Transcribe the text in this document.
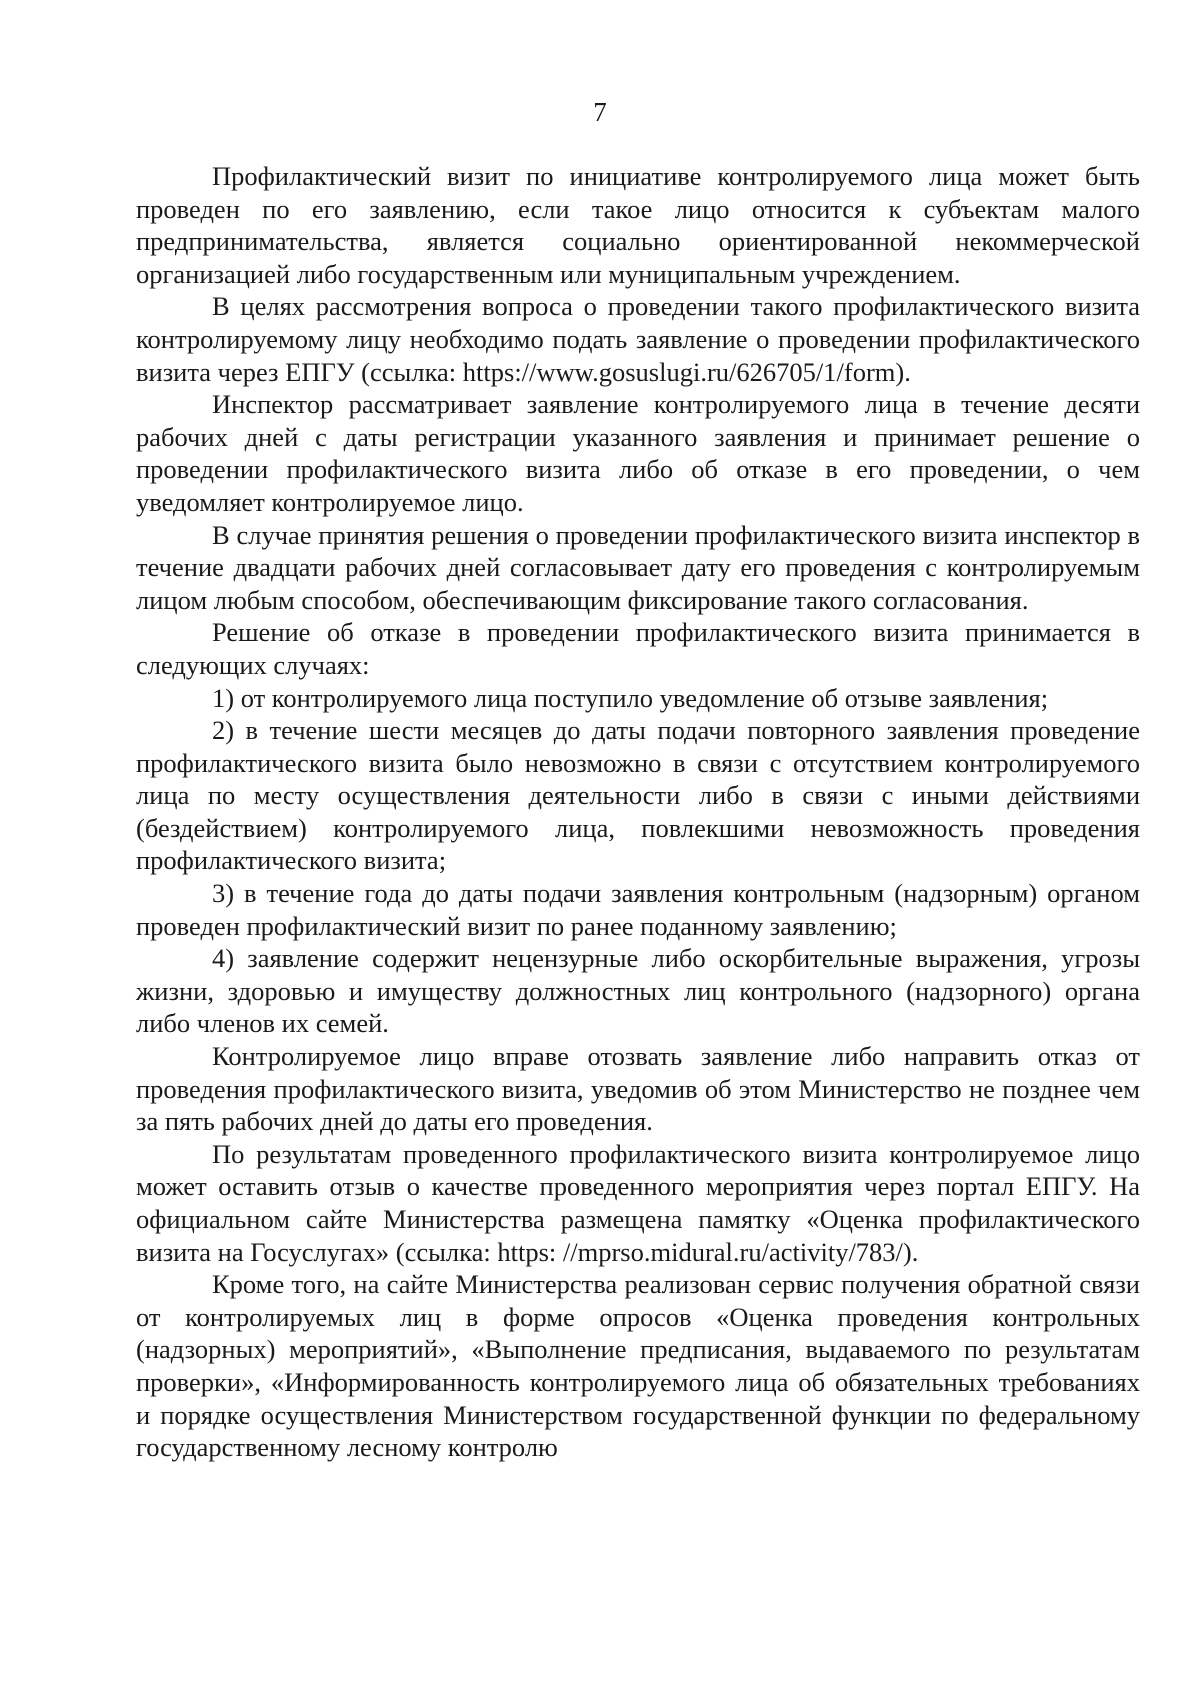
7

Профилактический визит по инициативе контролируемого лица может быть проведен по его заявлению, если такое лицо относится к субъектам малого предпринимательства, является социально ориентированной некоммерческой организацией либо государственным или муниципальным учреждением.

В целях рассмотрения вопроса о проведении такого профилактического визита контролируемому лицу необходимо подать заявление о проведении профилактического визита через ЕПГУ (ссылка: https://www.gosuslugi.ru/626705/1/form).

Инспектор рассматривает заявление контролируемого лица в течение десяти рабочих дней с даты регистрации указанного заявления и принимает решение о проведении профилактического визита либо об отказе в его проведении, о чем уведомляет контролируемое лицо.

В случае принятия решения о проведении профилактического визита инспектор в течение двадцати рабочих дней согласовывает дату его проведения с контролируемым лицом любым способом, обеспечивающим фиксирование такого согласования.

Решение об отказе в проведении профилактического визита принимается в следующих случаях:

1) от контролируемого лица поступило уведомление об отзыве заявления;

2) в течение шести месяцев до даты подачи повторного заявления проведение профилактического визита было невозможно в связи с отсутствием контролируемого лица по месту осуществления деятельности либо в связи с иными действиями (бездействием) контролируемого лица, повлекшими невозможность проведения профилактического визита;

3) в течение года до даты подачи заявления контрольным (надзорным) органом проведен профилактический визит по ранее поданному заявлению;

4) заявление содержит нецензурные либо оскорбительные выражения, угрозы жизни, здоровью и имуществу должностных лиц контрольного (надзорного) органа либо членов их семей.

Контролируемое лицо вправе отозвать заявление либо направить отказ от проведения профилактического визита, уведомив об этом Министерство не позднее чем за пять рабочих дней до даты его проведения.

По результатам проведенного профилактического визита контролируемое лицо может оставить отзыв о качестве проведенного мероприятия через портал ЕПГУ. На официальном сайте Министерства размещена памятку «Оценка профилактического визита на Госуслугах» (ссылка: https: //mprso.midural.ru/activity/783/).

Кроме того, на сайте Министерства реализован сервис получения обратной связи от контролируемых лиц в форме опросов «Оценка проведения контрольных (надзорных) мероприятий», «Выполнение предписания, выдаваемого по результатам проверки», «Информированность контролируемого лица об обязательных требованиях и порядке осуществления Министерством государственной функции по федеральному государственному лесному контролю
